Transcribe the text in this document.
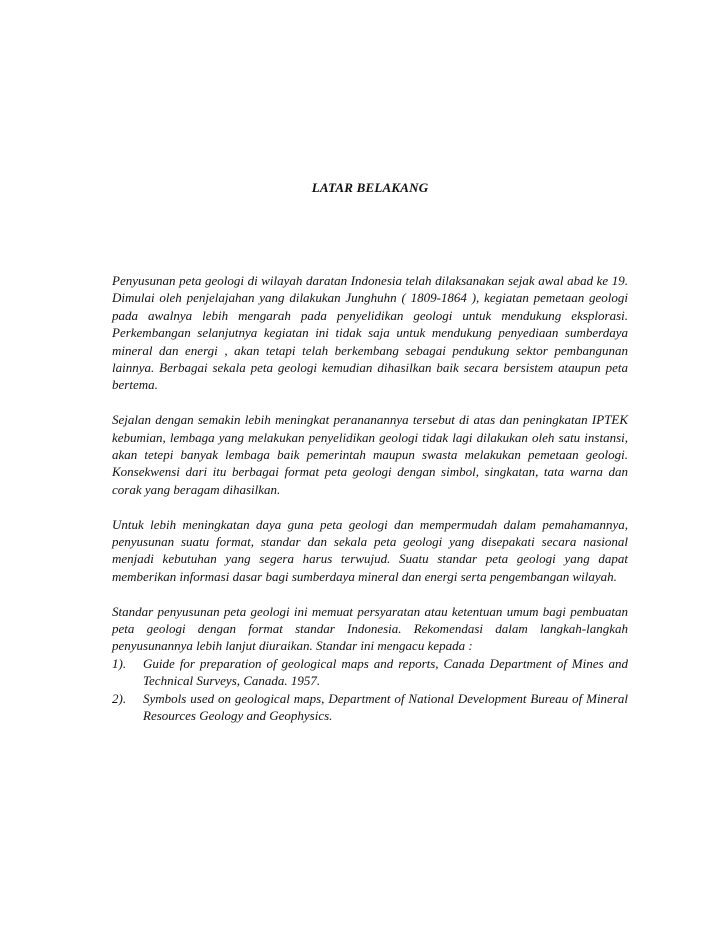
LATAR BELAKANG

Penyusunan peta geologi di wilayah daratan Indonesia telah dilaksanakan sejak awal abad ke 19. Dimulai oleh penjelajahan yang dilakukan Junghuhn ( 1809-1864 ), kegiatan pemetaan geologi pada awalnya lebih mengarah pada penyelidikan geologi untuk mendukung eksplorasi. Perkembangan selanjutnya kegiatan ini tidak saja untuk mendukung penyediaan sumberdaya mineral dan energi , akan tetapi telah berkembang sebagai pendukung sektor pembangunan lainnya. Berbagai sekala peta geologi kemudian dihasilkan baik secara bersistem ataupun peta bertema.

Sejalan dengan semakin lebih meningkat perananannya tersebut di atas dan peningkatan IPTEK kebumian, lembaga yang melakukan penyelidikan geologi tidak lagi dilakukan oleh satu instansi, akan tetepi banyak lembaga baik pemerintah maupun swasta melakukan pemetaan geologi. Konsekwensi dari itu berbagai format peta geologi dengan simbol, singkatan, tata warna dan corak yang beragam dihasilkan.

Untuk lebih meningkatan daya guna peta geologi dan mempermudah dalam pemahamannya, penyusunan suatu format, standar dan sekala peta geologi yang disepakati secara nasional menjadi kebutuhan yang segera harus terwujud. Suatu standar peta geologi yang dapat memberikan informasi dasar bagi sumberdaya mineral dan energi serta pengembangan wilayah.

Standar penyusunan peta geologi ini memuat persyaratan atau ketentuan umum bagi pembuatan peta geologi dengan format standar Indonesia. Rekomendasi dalam langkah-langkah penyusunannya lebih lanjut diuraikan. Standar ini mengacu kepada :

1). Guide for preparation of geological maps and reports, Canada Department of Mines and Technical Surveys, Canada. 1957.
2). Symbols used on geological maps, Department of National Development Bureau of Mineral Resources Geology and Geophysics.
